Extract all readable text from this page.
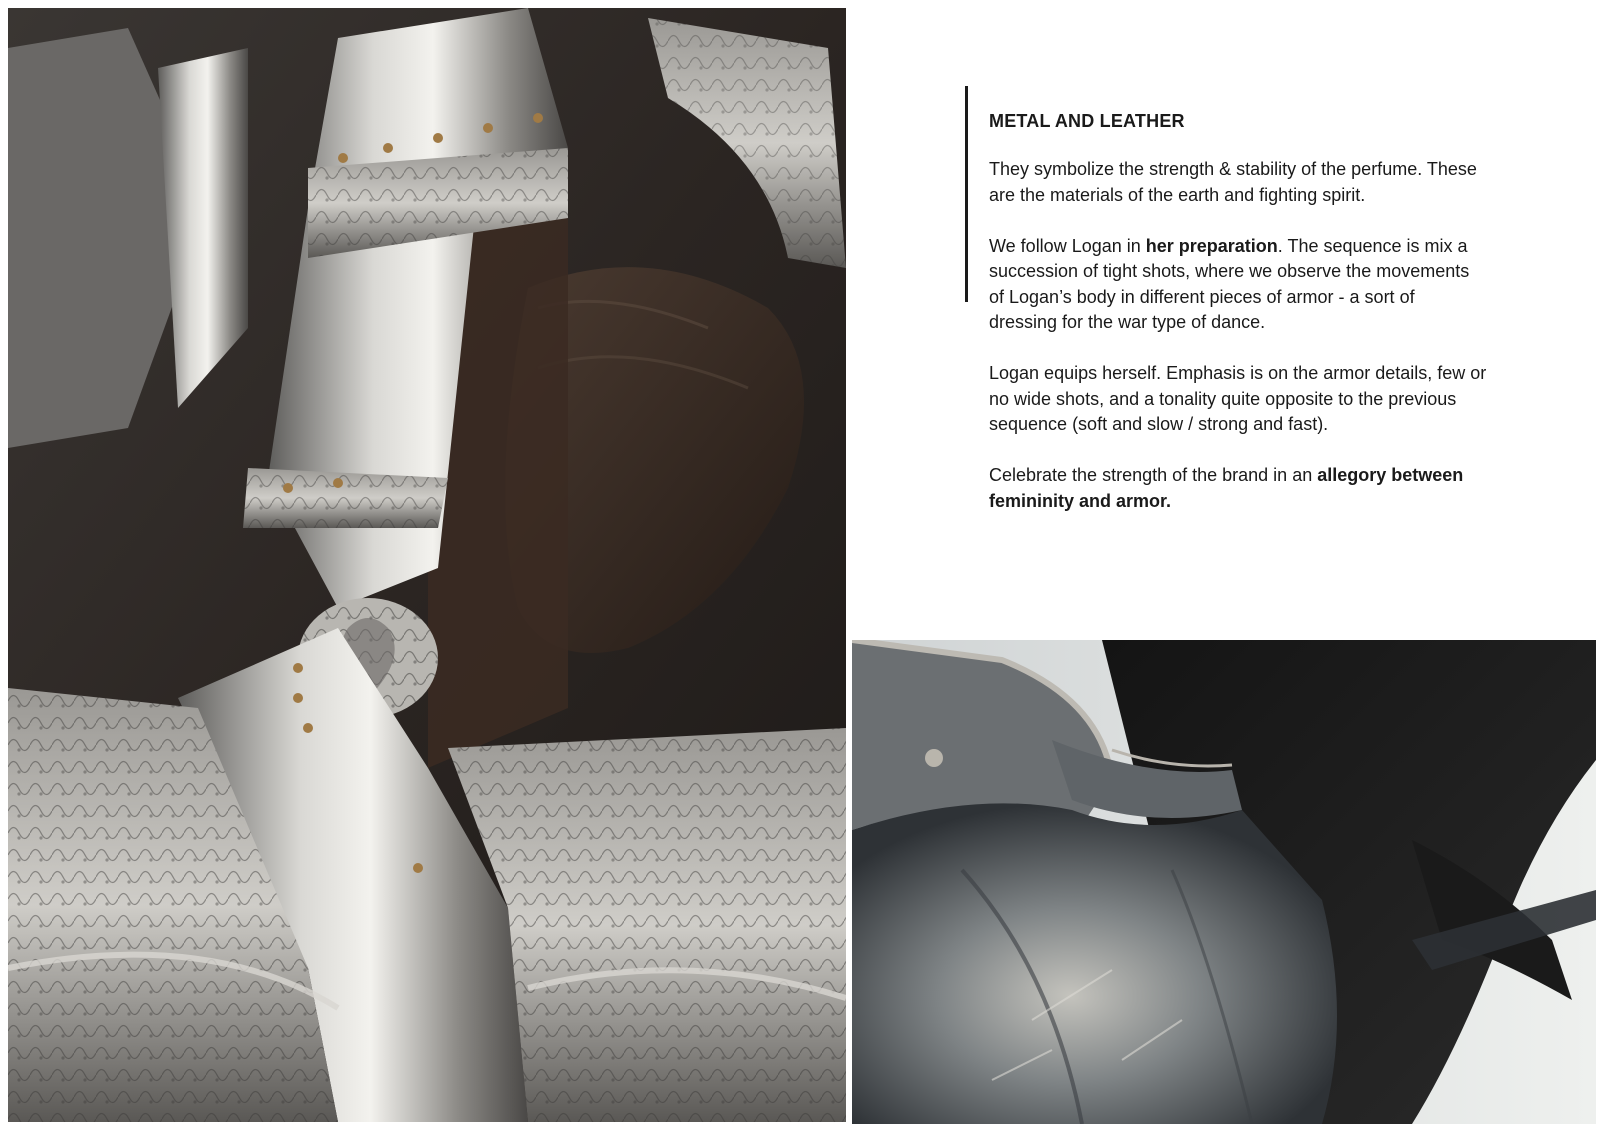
METAL AND LEATHER

They symbolize the strength & stability of the perfume. These are the materials of the earth and fighting spirit.

We follow Logan in her preparation. The sequence is mix a succession of tight shots, where we observe the movements of Logan’s body in different pieces of armor - a sort of dressing for the war type of dance.

Logan equips herself. Emphasis is on the armor details, few or no wide shots, and a tonality quite opposite to the previous sequence (soft and slow / strong and fast).

Celebrate the strength of the brand in an allegory between femininity and armor.
